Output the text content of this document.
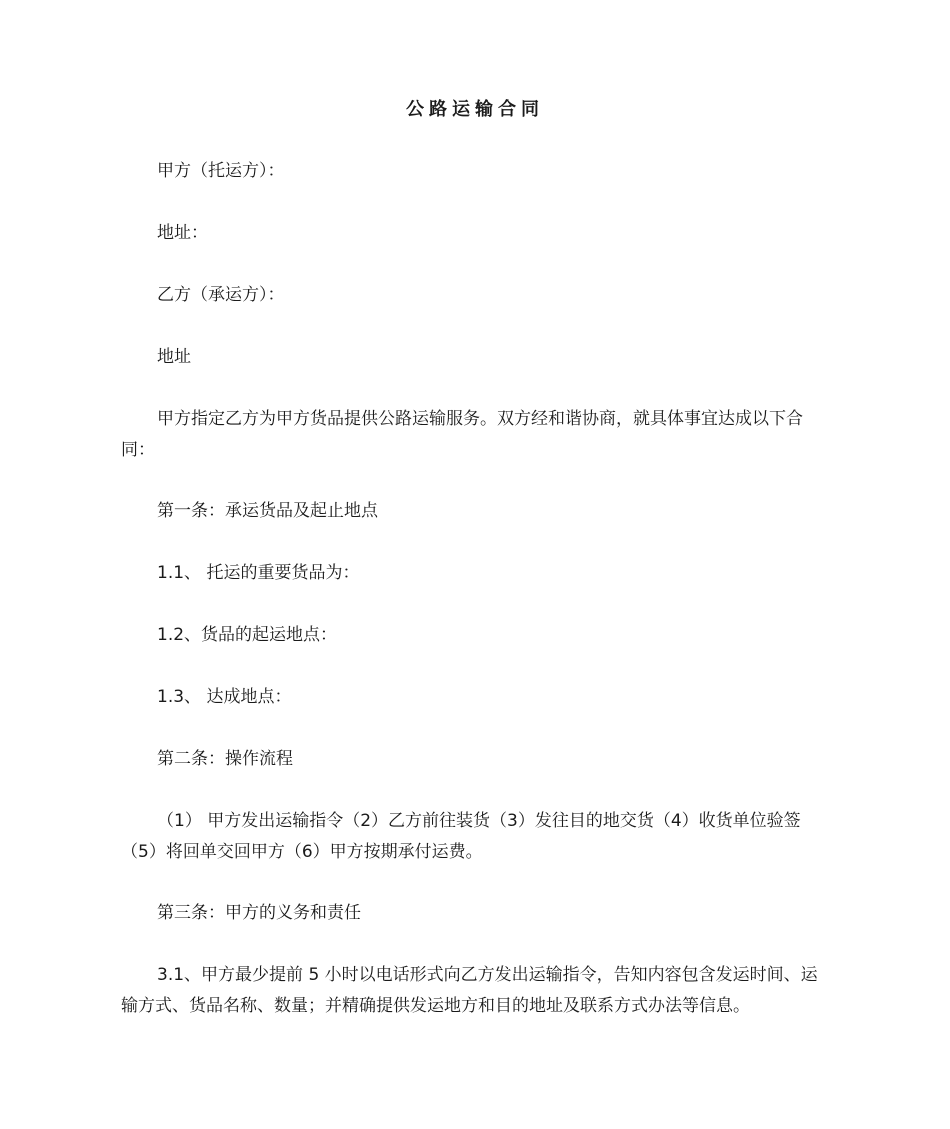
公路运输合同
甲方（托运方）：
地址：
乙方（承运方）：
地址
甲方指定乙方为甲方货品提供公路运输服务。双方经和谐协商，就具体事宜达成以下合同：
第一条：承运货品及起止地点
1.1、 托运的重要货品为：
1.2、货品的起运地点：
1.3、 达成地点：
第二条：操作流程
（1） 甲方发出运输指令（2）乙方前往装货（3）发往目的地交货（4）收货单位验签（5）将回单交回甲方（6）甲方按期承付运费。
第三条：甲方的义务和责任
3.1、甲方最少提前 5 小时以电话形式向乙方发出运输指令，告知内容包含发运时间、运输方式、货品名称、数量；并精确提供发运地方和目的地址及联系方式办法等信息。
